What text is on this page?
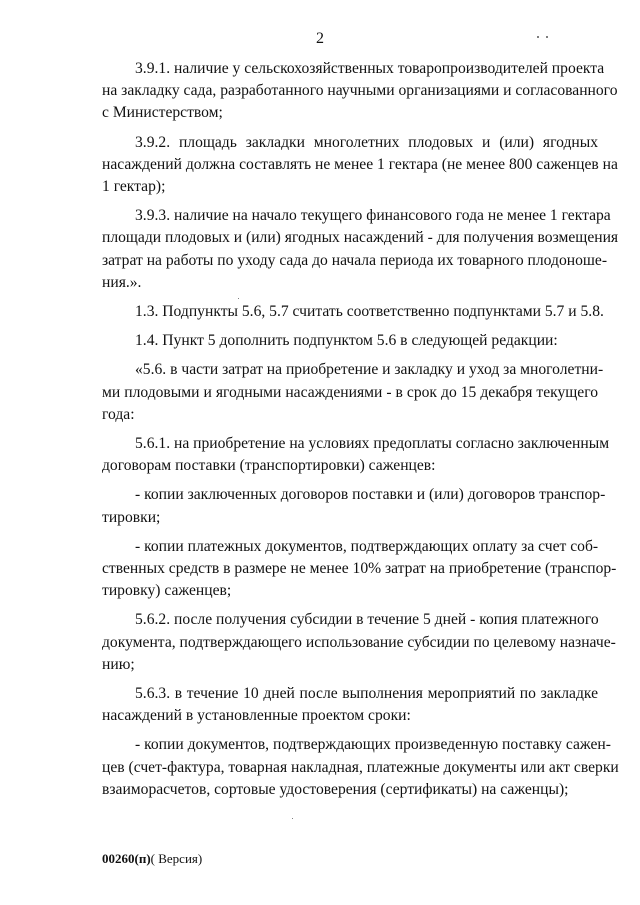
2

3.9.1. наличие у сельскохозяйственных товаропроизводителей проекта
на закладку сада, разработанного научными организациями и согласованного
с Министерством;

3.9.2. площадь закладки многолетних плодовых и (или) ягодных
насаждений должна составлять не менее 1 гектара (не менее 800 саженцев на
1 гектар);

3.9.3. наличие на начало текущего финансового года не менее 1 гектара
площади плодовых и (или) ягодных насаждений - для получения возмещения
затрат на работы по уходу сада до начала периода их товарного плодоноше-
ния.».

1.3. Подпункты 5.6, 5.7 считать соответственно подпунктами 5.7 и 5.8.

1.4. Пункт 5 дополнить подпунктом 5.6 в следующей редакции:

«5.6. в части затрат на приобретение и закладку и уход за многолетни-
ми плодовыми и ягодными насаждениями - в срок до 15 декабря текущего
года:

5.6.1. на приобретение на условиях предоплаты согласно заключенным
договорам поставки (транспортировки) саженцев:

- копии заключенных договоров поставки и (или) договоров транспор-
тировки;

- копии платежных документов, подтверждающих оплату за счет соб-
ственных средств в размере не менее 10% затрат на приобретение (транспор-
тировку) саженцев;

5.6.2. после получения субсидии в течение 5 дней - копия платежного
документа, подтверждающего использование субсидии по целевому назначе-
нию;

5.6.3. в течение 10 дней после выполнения мероприятий по закладке
насаждений в установленные проектом сроки:

- копии документов, подтверждающих произведенную поставку сажен-
цев (счет-фактура, товарная накладная, платежные документы или акт сверки
взаиморасчетов, сортовые удостоверения (сертификаты) на саженцы);

00260(п)( Версия)
